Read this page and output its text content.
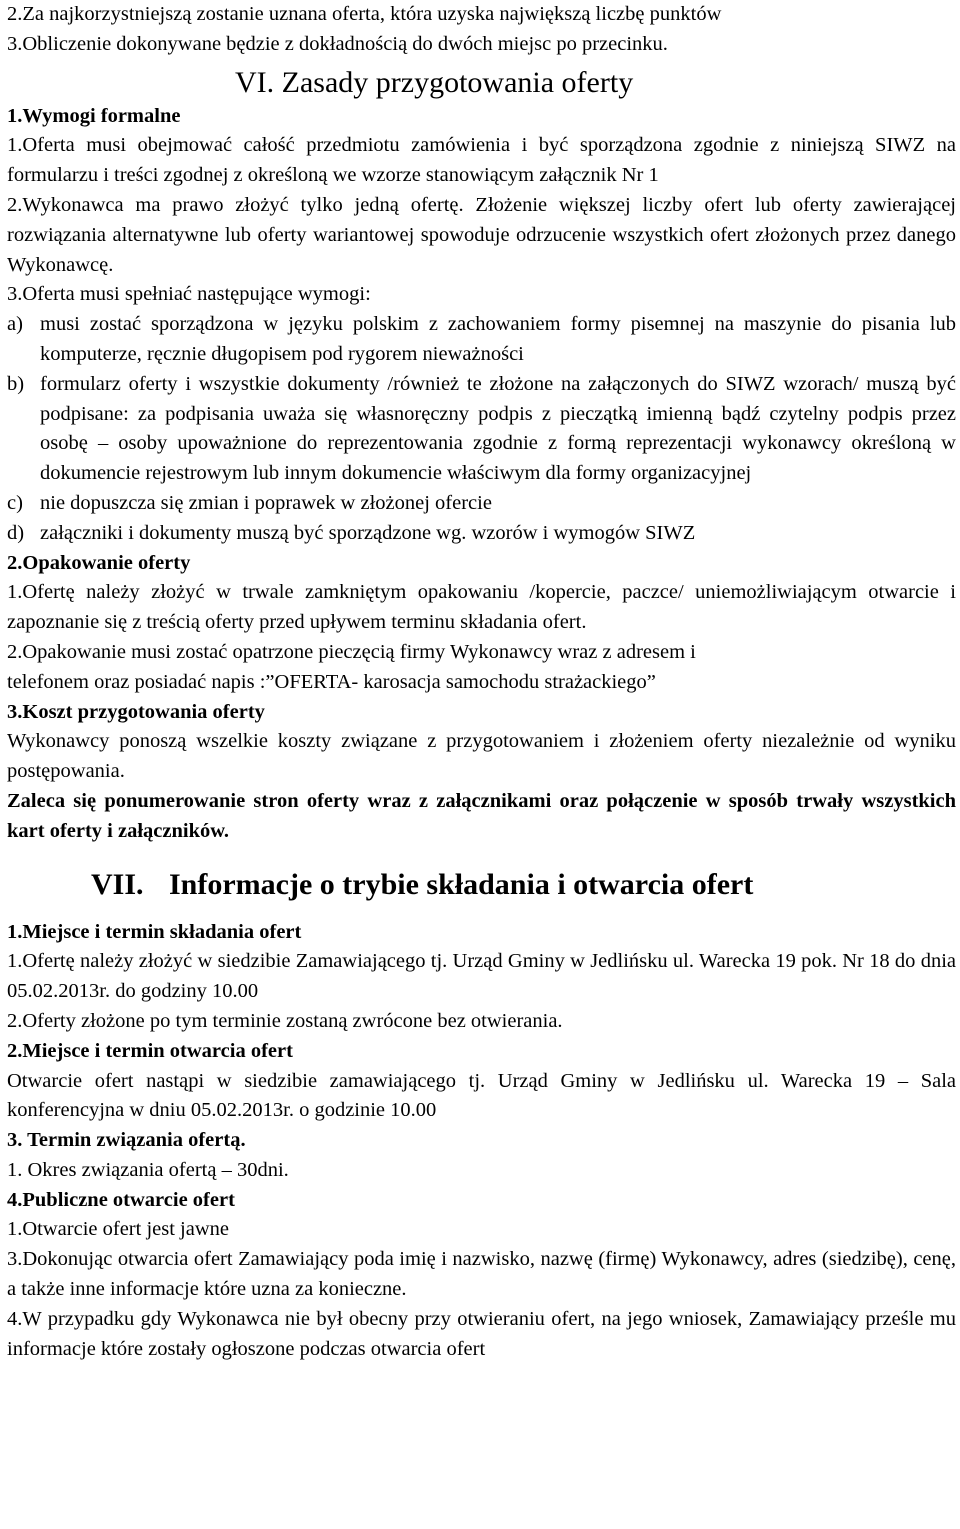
2.Za najkorzystniejszą zostanie uznana oferta, która uzyska największą liczbę punktów

3.Obliczenie dokonywane będzie z dokładnością do dwóch miejsc po przecinku.

VI. Zasady przygotowania oferty

1.Wymogi formalne

1.Oferta musi obejmować całość przedmiotu zamówienia i być sporządzona zgodnie z niniejszą SIWZ na formularzu i treści zgodnej z określoną we wzorze stanowiącym załącznik Nr 1

2.Wykonawca ma prawo złożyć tylko jedną ofertę. Złożenie większej liczby ofert lub oferty zawierającej rozwiązania alternatywne lub oferty wariantowej spowoduje odrzucenie wszystkich ofert złożonych przez danego Wykonawcę.

3.Oferta musi spełniać następujące wymogi:

a) musi zostać sporządzona w języku polskim z zachowaniem formy pisemnej na maszynie do pisania lub komputerze, ręcznie długopisem pod rygorem nieważności
b) formularz oferty i wszystkie dokumenty /również te złożone na załączonych do SIWZ wzorach/ muszą być podpisane: za podpisania uważa się własnoręczny podpis z pieczątką imienną bądź czytelny podpis przez osobę – osoby upoważnione do reprezentowania zgodnie z formą reprezentacji wykonawcy określoną w dokumencie rejestrowym lub innym dokumencie właściwym dla formy organizacyjnej
c) nie dopuszcza się zmian i poprawek w złożonej ofercie
d) załączniki i dokumenty muszą być sporządzone wg. wzorów i wymogów SIWZ

2.Opakowanie oferty

1.Ofertę należy złożyć w trwale zamkniętym opakowaniu /kopercie, paczce/ uniemożliwiającym otwarcie i zapoznanie się z treścią oferty przed upływem terminu składania ofert.

2.Opakowanie musi zostać opatrzone pieczęcią firmy Wykonawcy wraz z adresem i

telefonem oraz posiadać napis :”OFERTA- karosacja samochodu strażackiego”

3.Koszt przygotowania oferty

Wykonawcy ponoszą wszelkie koszty związane z przygotowaniem i złożeniem oferty niezależnie od wyniku postępowania.

Zaleca się ponumerowanie stron oferty wraz z załącznikami oraz połączenie w sposób trwały wszystkich kart oferty i załączników.

VII. Informacje o trybie składania i otwarcia ofert

1.Miejsce i termin składania ofert

1.Ofertę należy złożyć w siedzibie Zamawiającego tj. Urząd Gminy w Jedlińsku ul. Warecka 19 pok. Nr 18 do dnia 05.02.2013r. do godziny 10.00

2.Oferty złożone po tym terminie zostaną zwrócone bez otwierania.

2.Miejsce i termin otwarcia ofert

Otwarcie ofert nastąpi w siedzibie zamawiającego tj. Urząd Gminy w Jedlińsku ul. Warecka 19 – Sala konferencyjna w dniu 05.02.2013r. o godzinie 10.00

3. Termin związania ofertą.

1. Okres związania ofertą – 30dni.

4.Publiczne otwarcie ofert

1.Otwarcie ofert jest jawne

3.Dokonując otwarcia ofert Zamawiający poda imię i nazwisko, nazwę (firmę) Wykonawcy, adres (siedzibę), cenę, a także inne informacje które uzna za konieczne.

4.W przypadku gdy Wykonawca nie był obecny przy otwieraniu ofert, na jego wniosek, Zamawiający prześle mu informacje które zostały ogłoszone podczas otwarcia ofert
